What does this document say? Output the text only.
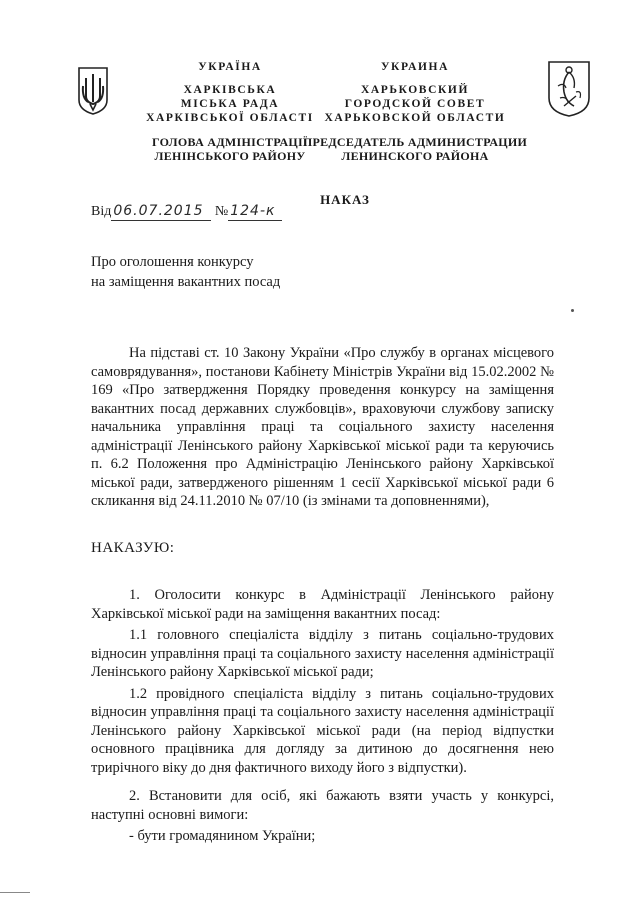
УКРАЇНА
ХАРКІВСЬКА
МІСЬКА РАДА
ХАРКІВСЬКОЇ ОБЛАСТІ
ГОЛОВА АДМІНІСТРАЦІЇ
ЛЕНІНСЬКОГО РАЙОНУ
УКРАИНА
ХАРЬКОВСКИЙ
ГОРОДСКОЙ СОВЕТ
ХАРЬКОВСКОЙ ОБЛАСТИ
ПРЕДСЕДАТЕЛЬ АДМИНИСТРАЦИИ
ЛЕНИНСКОГО РАЙОНА
НАКАЗ
Від 06.07.2015 № 124-к
Про оголошення конкурсу
на заміщення вакантних посад
На підставі ст. 10 Закону України «Про службу в органах місцевого самоврядування», постанови Кабінету Міністрів України від 15.02.2002 № 169 «Про затвердження Порядку проведення конкурсу на заміщення вакантних посад державних службовців», враховуючи службову записку начальника управління праці та соціального захисту населення адміністрації Ленінського району Харківської міської ради та керуючись п. 6.2 Положення про Адміністрацію Ленінського району Харківської міської ради, затвердженого рішенням 1 сесії Харківської міської ради 6 скликання від 24.11.2010 № 07/10 (із змінами та доповненнями),
НАКАЗУЮ:

1. Оголосити конкурс в Адміністрації Ленінського району Харківської міської ради на заміщення вакантних посад:

1.1 головного спеціаліста відділу з питань соціально-трудових відносин управління праці та соціального захисту населення адміністрації Ленінського району Харківської міської ради;

1.2 провідного спеціаліста відділу з питань соціально-трудових відносин управління праці та соціального захисту населення адміністрації Ленінського району Харківської міської ради (на період відпустки основного працівника для догляду за дитиною до досягнення нею трирічного віку до дня фактичного виходу його з відпустки).

2. Встановити для осіб, які бажають взяти участь у конкурсі, наступні основні вимоги:

- бути громадянином України;
